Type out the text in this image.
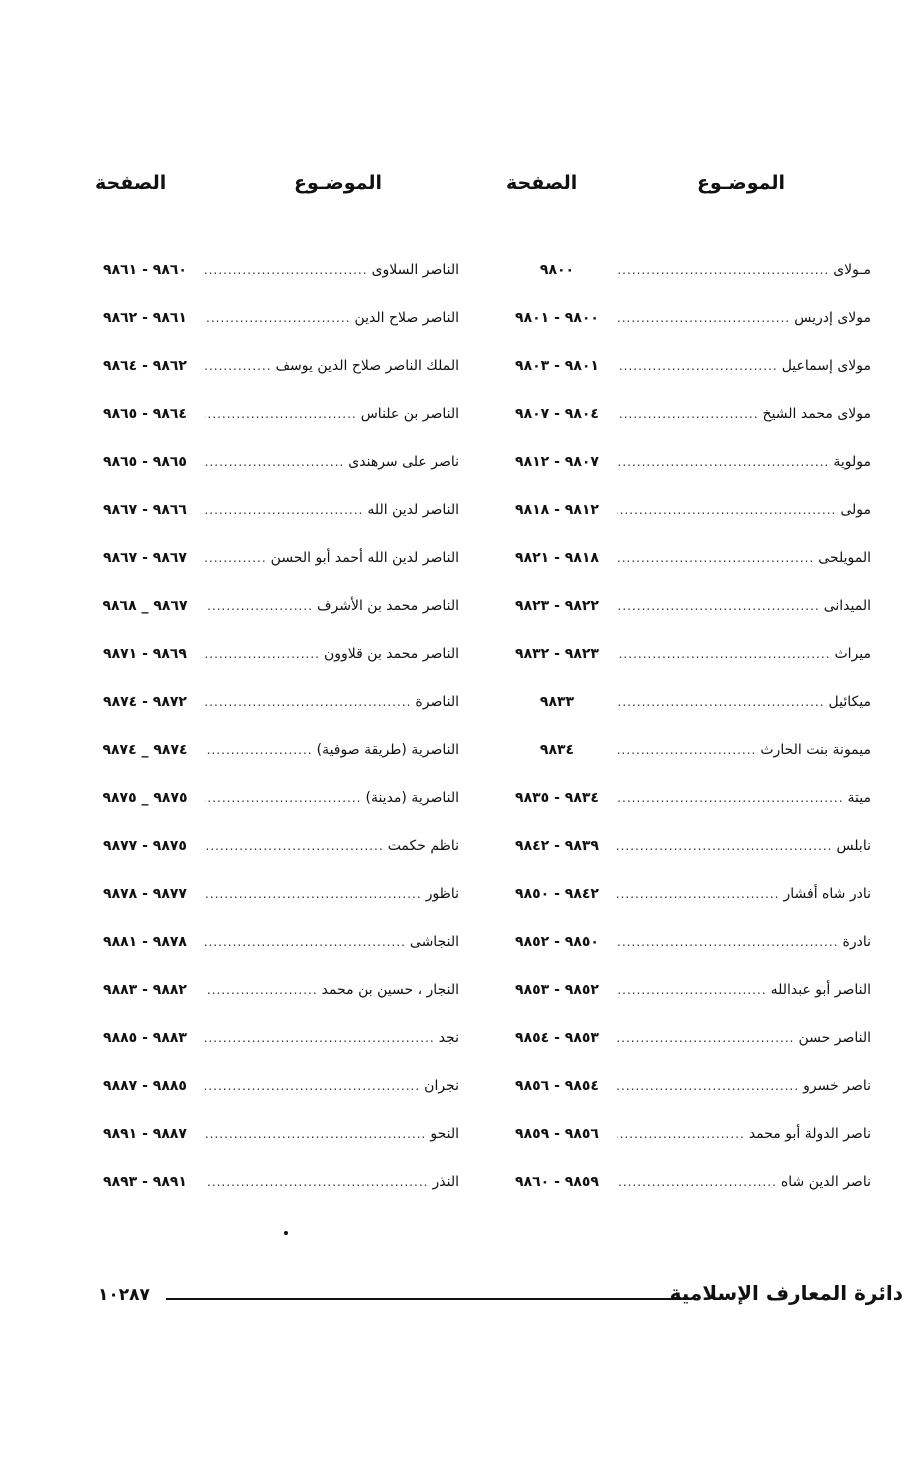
الموضـوع
الصفحة
الموضـوع
الصفحة
مـولاى
.....
٩٨٠٠
مولاى إدريس
.....
٩٨٠٠ - ٩٨٠١
مولاى إسماعيل
.....
٩٨٠١ - ٩٨٠٣
مولاى محمد الشيخ
.....
٩٨٠٤ - ٩٨٠٧
مولوية
.....
٩٨٠٧ - ٩٨١٢
مولى
.....
٩٨١٢ - ٩٨١٨
المويلحى
.....
٩٨١٨ - ٩٨٢١
الميدانى
.....
٩٨٢٢ - ٩٨٢٣
ميراث
.....
٩٨٢٣ - ٩٨٣٢
ميكائيل
.....
٩٨٣٣
ميمونة بنت الحارث
.....
٩٨٣٤
ميتة
.....
٩٨٣٤ - ٩٨٣٥
نابلس
.....
٩٨٣٩ - ٩٨٤٢
نادر شاه أفشار
.....
٩٨٤٢ - ٩٨٥٠
نادرة
.....
٩٨٥٠ - ٩٨٥٢
الناصر أبو عبدالله
.....
٩٨٥٢ - ٩٨٥٣
الناصر حسن
.....
٩٨٥٣ - ٩٨٥٤
ناصر خسرو
.....
٩٨٥٤ - ٩٨٥٦
ناصر الدولة أبو محمد
.....
٩٨٥٦ - ٩٨٥٩
ناصر الدين شاه
.....
٩٨٥٩ - ٩٨٦٠
الناصر السلاوى
.....
٩٨٦٠ - ٩٨٦١
الناصر صلاح الدين
.....
٩٨٦١ - ٩٨٦٢
الملك الناصر صلاح الدين يوسف
.....
٩٨٦٢ - ٩٨٦٤
الناصر بن علناس
.....
٩٨٦٤ - ٩٨٦٥
ناصر على سرهندى
.....
٩٨٦٥ - ٩٨٦٥
الناصر لدين الله
.....
٩٨٦٦ - ٩٨٦٧
الناصر لدين الله أحمد أبو الحسن
.....
٩٨٦٧ - ٩٨٦٧
الناصر محمد بن الأشرف
.....
٩٨٦٧ _ ٩٨٦٨
الناصر محمد بن قلاوون
.....
٩٨٦٩ - ٩٨٧١
الناصرة
.....
٩٨٧٢ - ٩٨٧٤
الناصرية (طريقة صوفية)
.....
٩٨٧٤ _ ٩٨٧٤
الناصرية (مدينة)
.....
٩٨٧٥ _ ٩٨٧٥
ناظم حكمت
.....
٩٨٧٥ - ٩٨٧٧
ناظور
.....
٩٨٧٧ - ٩٨٧٨
النجاشى
.....
٩٨٧٨ - ٩٨٨١
النجار ، حسين بن محمد
.....
٩٨٨٢ - ٩٨٨٣
نجد
.....
٩٨٨٣ - ٩٨٨٥
نجران
.....
٩٨٨٥ - ٩٨٨٧
النحو
.....
٩٨٨٧ - ٩٨٩١
النذر
.....
٩٨٩١ - ٩٨٩٣
دائرة المعارف الإسلامية
١٠٢٨٧
